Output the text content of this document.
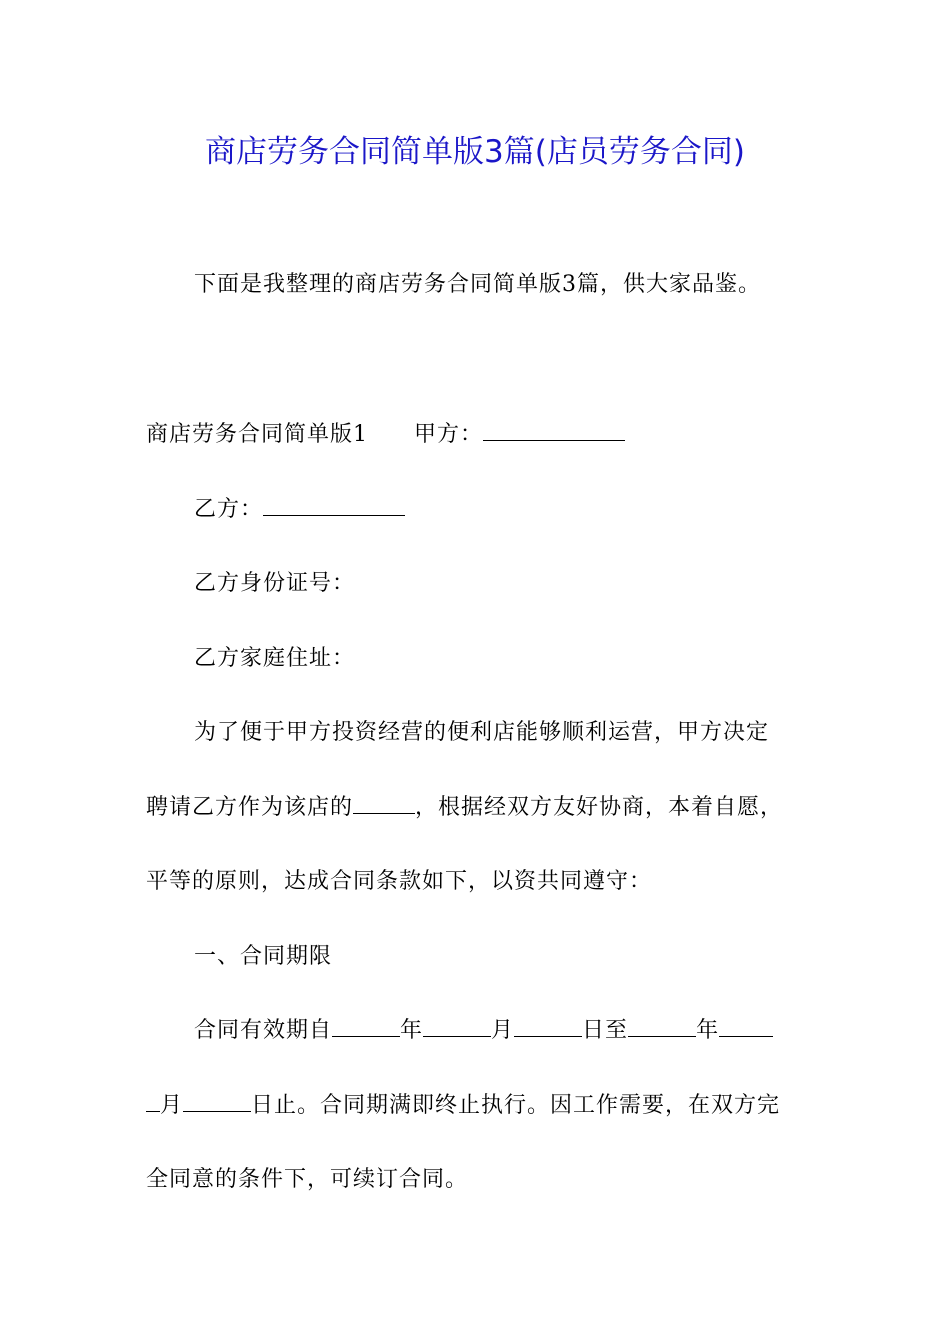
商店劳务合同简单版3篇(店员劳务合同)
下面是我整理的商店劳务合同简单版3篇，供大家品鉴。
商店劳务合同简单版1 甲方：
乙方：
乙方身份证号：
乙方家庭住址：
为了便于甲方投资经营的便利店能够顺利运营，甲方决定
聘请乙方作为该店的	，根据经双方友好协商，本着自愿，
平等的原则，达成合同条款如下，以资共同遵守：
一、合同期限
合同有效期自	年	月	日至	年
月	日止。合同期满即终止执行。因工作需要，在双方完
全同意的条件下，可续订合同。
